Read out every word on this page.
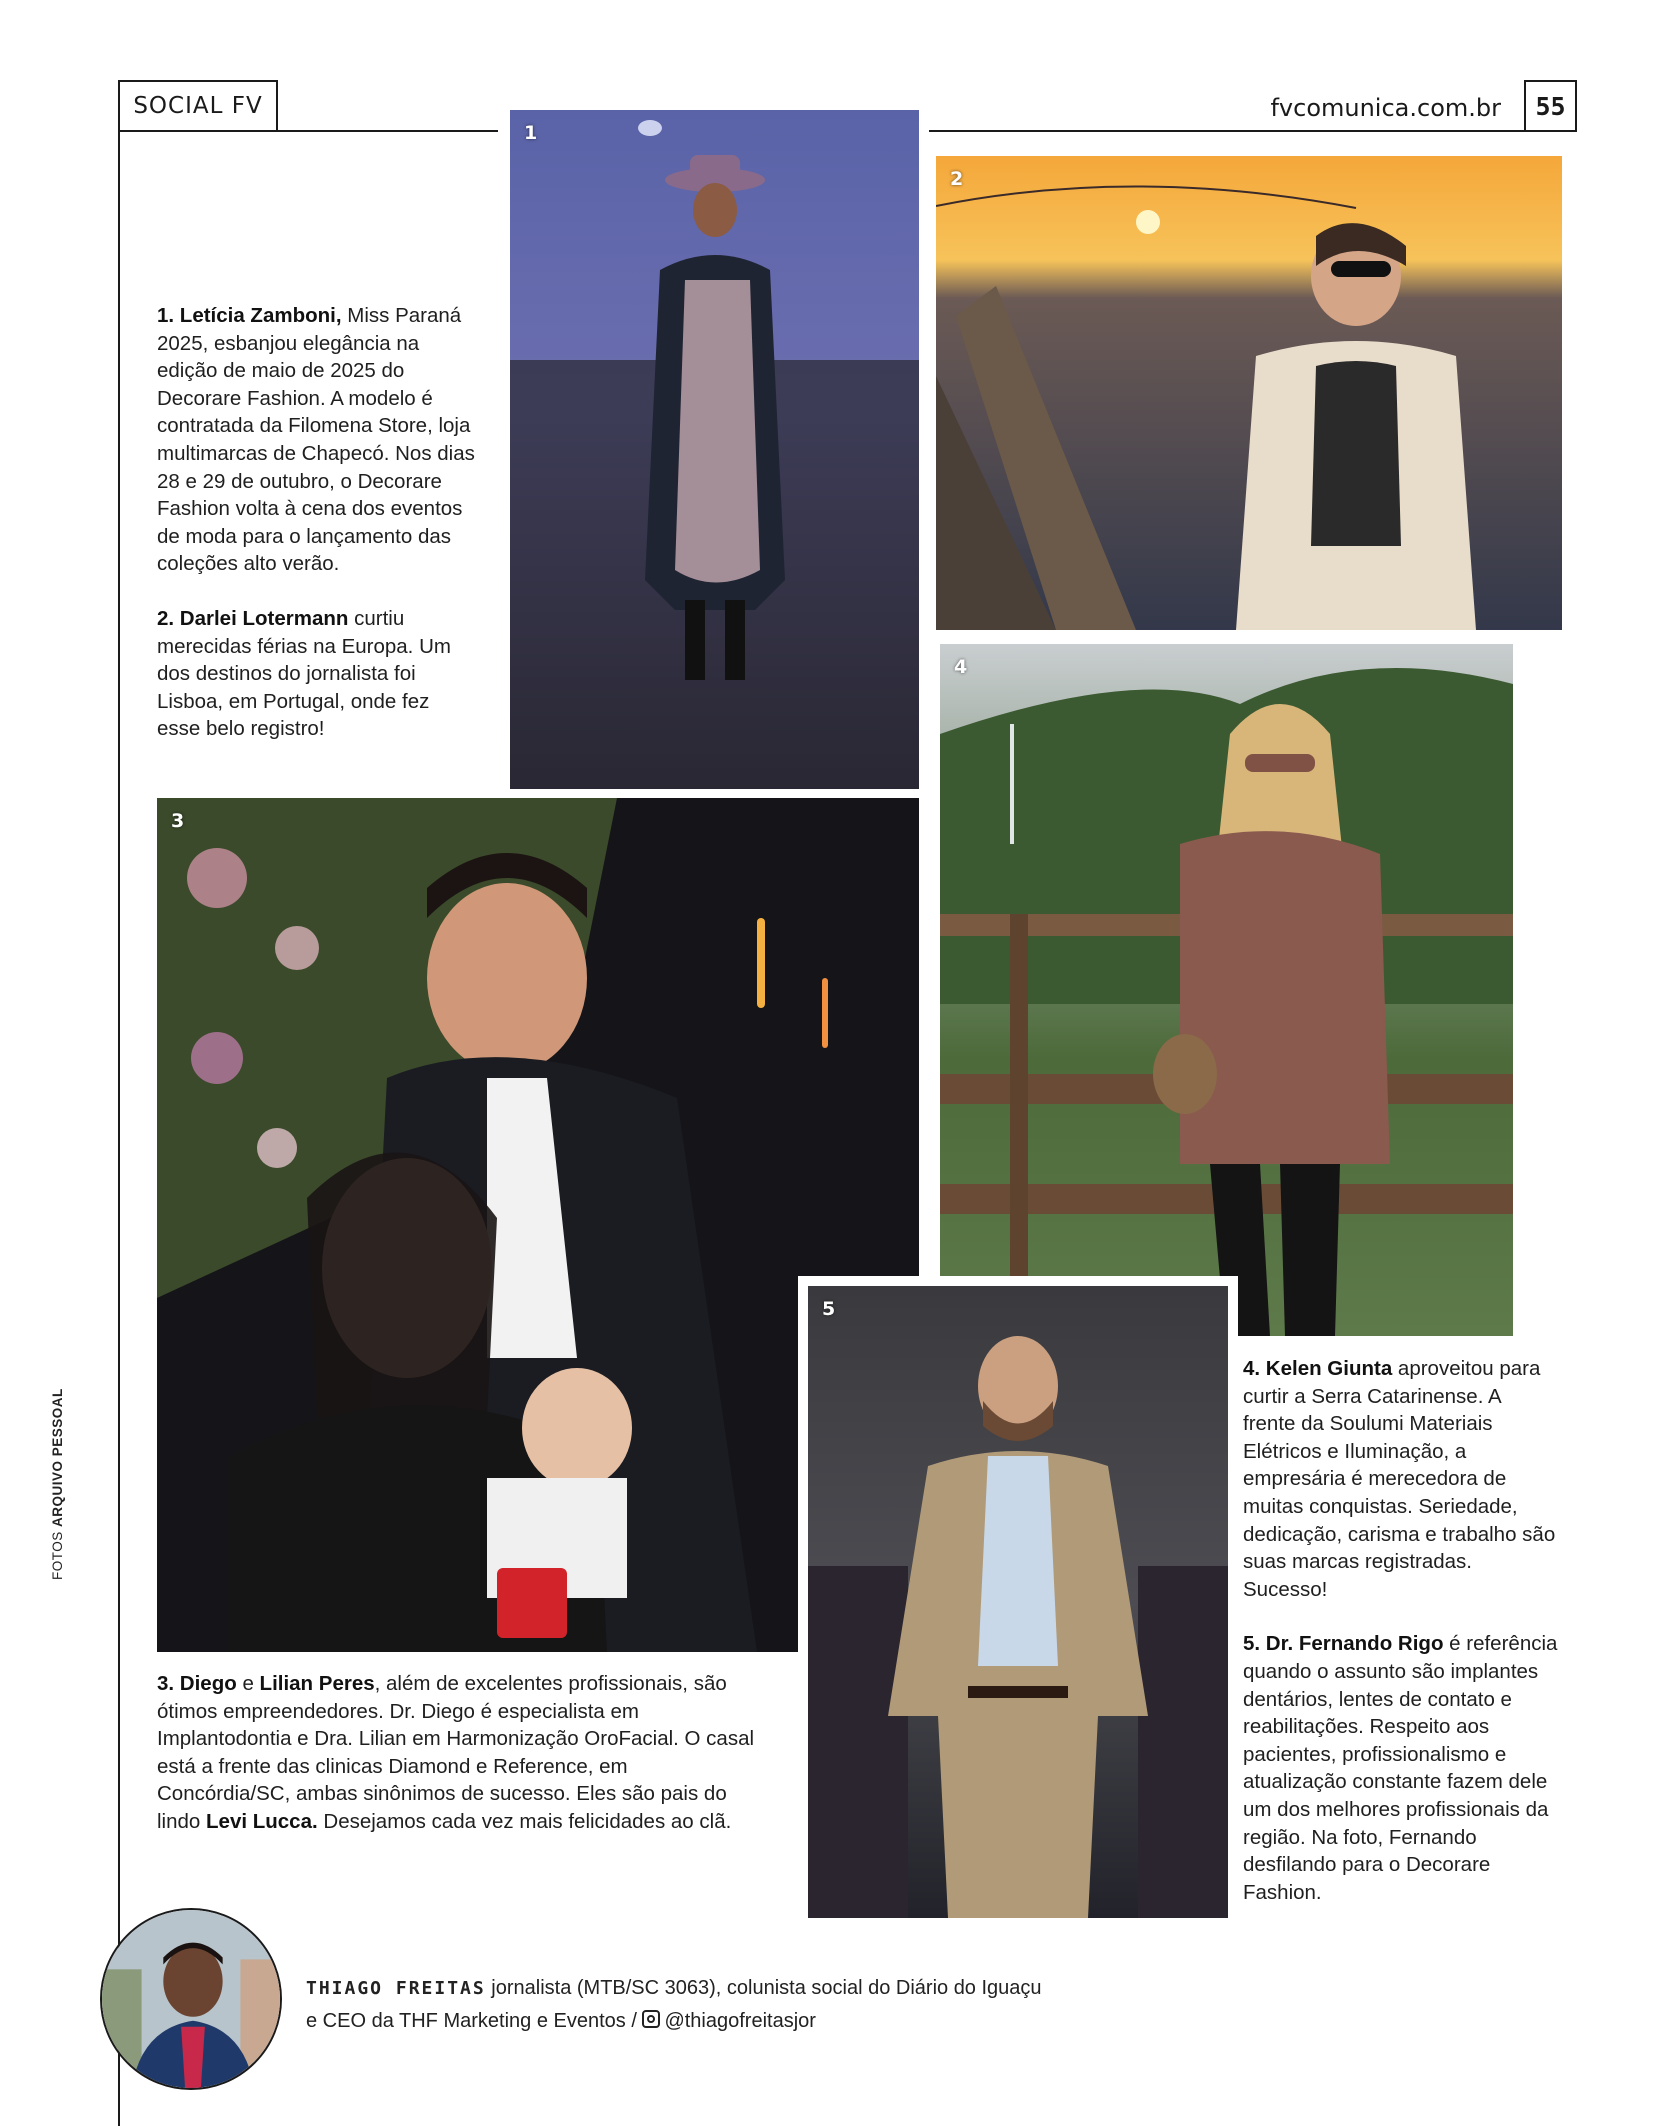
SOCIAL FV	fvcomunica.com.br	55
1
2
3
4
5

1. Letícia Zamboni, Miss Paraná 2025, esbanjou elegância na edição de maio de 2025 do Decorare Fashion. A modelo é contratada da Filomena Store, loja multimarcas de Chapecó. Nos dias 28 e 29 de outubro, o Decorare Fashion volta à cena dos eventos de moda para o lançamento das coleções alto verão.

2. Darlei Lotermann curtiu merecidas férias na Europa. Um dos destinos do jornalista foi Lisboa, em Portugal, onde fez esse belo registro!

3. Diego e Lilian Peres, além de excelentes profissionais, são ótimos empreendedores. Dr. Diego é especialista em Implantodontia e Dra. Lilian em Harmonização OroFacial. O casal está a frente das clinicas Diamond e Reference, em Concórdia/SC, ambas sinônimos de sucesso. Eles são pais do lindo Levi Lucca. Desejamos cada vez mais felicidades ao clã.

4. Kelen Giunta aproveitou para curtir a Serra Catarinense. A frente da Soulumi Materiais Elétricos e Iluminação, a empresária é merecedora de muitas conquistas. Seriedade, dedicação, carisma e trabalho são suas marcas registradas. Sucesso!

5. Dr. Fernando Rigo é referência quando o assunto são implantes dentários, lentes de contato e reabilitações. Respeito aos pacientes, profissionalismo e atualização constante fazem dele um dos melhores profissionais da região. Na foto, Fernando desfilando para o Decorare Fashion.

FOTOS ARQUIVO PESSOAL
THIAGO FREITAS jornalista (MTB/SC 3063), colunista social do Diário do Iguaçu
e CEO da THF Marketing e Eventos / @thiagofreitasjor
